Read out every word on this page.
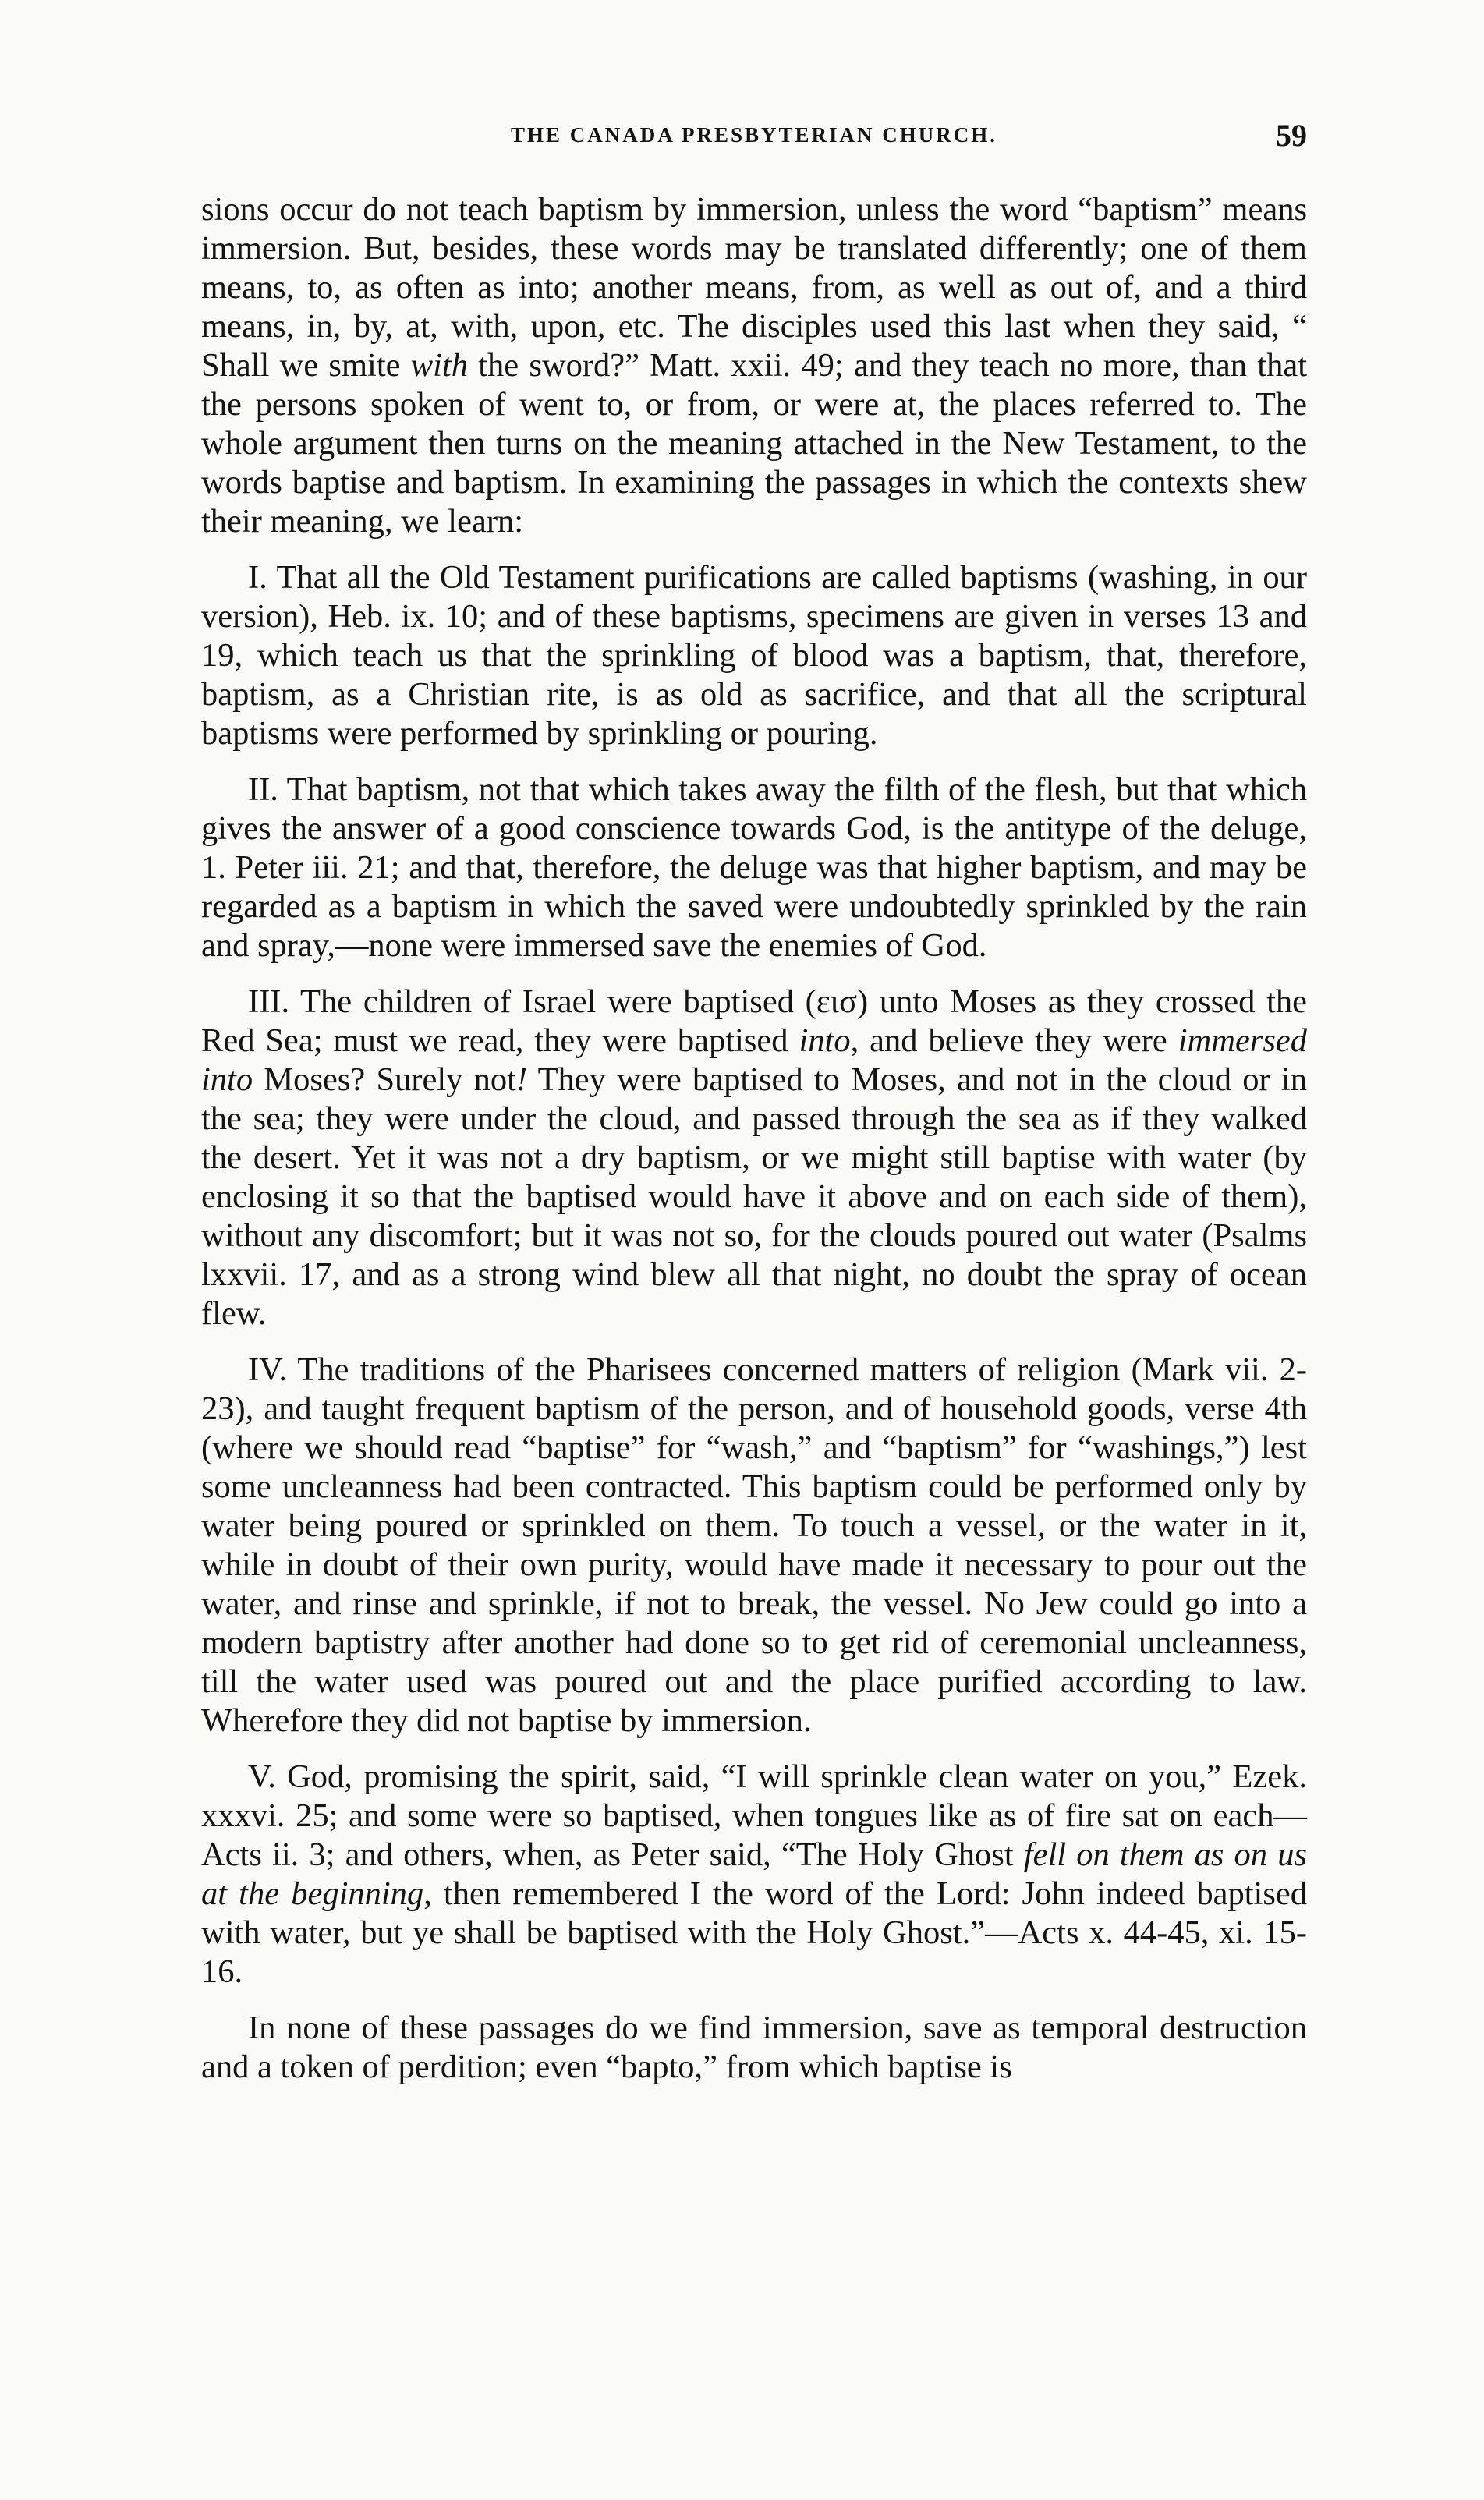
THE CANADA PRESBYTERIAN CHURCH.	59

sions occur do not teach baptism by immersion, unless the word “baptism” means immersion. But, besides, these words may be translated differently; one of them means, to, as often as into; another means, from, as well as out of, and a third means, in, by, at, with, upon, etc. The disciples used this last when they said, “ Shall we smite with the sword?” Matt. xxii. 49; and they teach no more, than that the persons spoken of went to, or from, or were at, the places referred to. The whole argument then turns on the meaning attached in the New Testament, to the words baptise and baptism. In examining the passages in which the contexts shew their meaning, we learn:

I. That all the Old Testament purifications are called baptisms (washing, in our version), Heb. ix. 10; and of these baptisms, specimens are given in verses 13 and 19, which teach us that the sprinkling of blood was a baptism, that, therefore, baptism, as a Christian rite, is as old as sacrifice, and that all the scriptural baptisms were performed by sprinkling or pouring.

II. That baptism, not that which takes away the filth of the flesh, but that which gives the answer of a good conscience towards God, is the antitype of the deluge, 1. Peter iii. 21; and that, therefore, the deluge was that higher baptism, and may be regarded as a baptism in which the saved were undoubtedly sprinkled by the rain and spray,—none were immersed save the enemies of God.

III. The children of Israel were baptised (εισ) unto Moses as they crossed the Red Sea; must we read, they were baptised into, and believe they were immersed into Moses? Surely not! They were baptised to Moses, and not in the cloud or in the sea; they were under the cloud, and passed through the sea as if they walked the desert. Yet it was not a dry baptism, or we might still baptise with water (by enclosing it so that the baptised would have it above and on each side of them), without any discomfort; but it was not so, for the clouds poured out water (Psalms lxxvii. 17, and as a strong wind blew all that night, no doubt the spray of ocean flew.

IV. The traditions of the Pharisees concerned matters of religion (Mark vii. 2-23), and taught frequent baptism of the person, and of household goods, verse 4th (where we should read “baptise” for “wash,” and “baptism” for “washings,”) lest some uncleanness had been contracted. This baptism could be performed only by water being poured or sprinkled on them. To touch a vessel, or the water in it, while in doubt of their own purity, would have made it necessary to pour out the water, and rinse and sprinkle, if not to break, the vessel. No Jew could go into a modern baptistry after another had done so to get rid of ceremonial uncleanness, till the water used was poured out and the place purified according to law. Wherefore they did not baptise by immersion.

V. God, promising the spirit, said, “I will sprinkle clean water on you,” Ezek. xxxvi. 25; and some were so baptised, when tongues like as of fire sat on each—Acts ii. 3; and others, when, as Peter said, “The Holy Ghost fell on them as on us at the beginning, then remembered I the word of the Lord: John indeed baptised with water, but ye shall be baptised with the Holy Ghost.”—Acts x. 44-45, xi. 15-16.

In none of these passages do we find immersion, save as temporal destruction and a token of perdition; even “bapto,” from which baptise is
